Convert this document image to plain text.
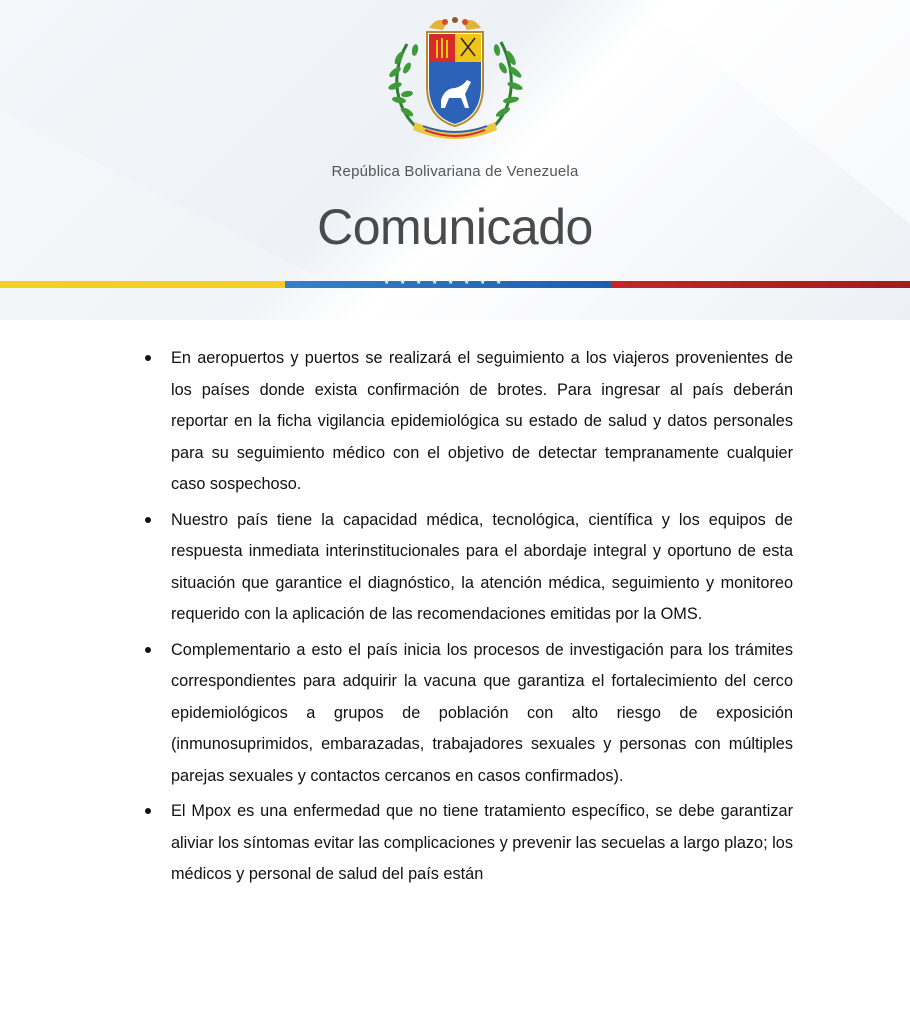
República Bolivariana de Venezuela
Comunicado
★ ★ ★ ★ ★ ★ ★ ★
En aeropuertos y puertos se realizará el seguimiento a los viajeros provenientes de los países donde exista confirmación de brotes. Para ingresar al país deberán reportar en la ficha vigilancia epidemiológica su estado de salud y datos personales para su seguimiento médico con el objetivo de detectar tempranamente cualquier caso sospechoso.
Nuestro país tiene la capacidad médica, tecnológica, científica y los equipos de respuesta inmediata interinstitucionales para el abordaje integral y oportuno de esta situación que garantice el diagnóstico, la atención médica, seguimiento y monitoreo requerido con la aplicación de las recomendaciones emitidas por la OMS.
Complementario a esto el país inicia los procesos de investigación para los trámites correspondientes para adquirir la vacuna que garantiza el fortalecimiento del cerco epidemiológicos a grupos de población con alto riesgo de exposición (inmunosuprimidos, embarazadas, trabajadores sexuales y personas con múltiples parejas sexuales y contactos cercanos en casos confirmados).
El Mpox es una enfermedad que no tiene tratamiento específico, se debe garantizar aliviar los síntomas evitar las complicaciones y prevenir las secuelas a largo plazo; los médicos y personal de salud del país están
